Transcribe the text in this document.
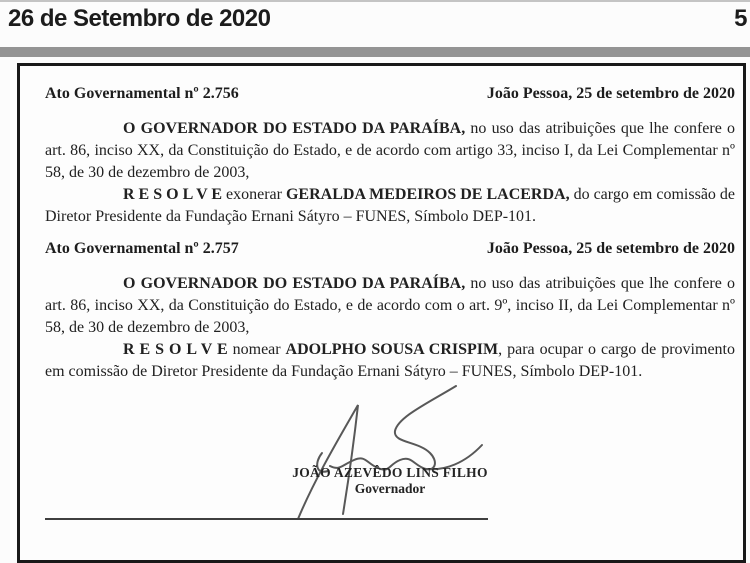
26 de Setembro de 2020	5
Ato Governamental nº 2.756	João Pessoa, 25 de setembro de 2020

O GOVERNADOR DO ESTADO DA PARAÍBA, no uso das atribuições que lhe confere o art. 86, inciso XX, da Constituição do Estado, e de acordo com artigo 33, inciso I, da Lei Complementar nº 58, de 30 de dezembro de 2003,

R E S O L V E exonerar GERALDA MEDEIROS DE LACERDA, do cargo em comissão de Diretor Presidente da Fundação Ernani Sátyro – FUNES, Símbolo DEP-101.

Ato Governamental nº 2.757	João Pessoa, 25 de setembro de 2020

O GOVERNADOR DO ESTADO DA PARAÍBA, no uso das atribuições que lhe confere o art. 86, inciso XX, da Constituição do Estado, e de acordo com o art. 9º, inciso II, da Lei Complementar nº 58, de 30 de dezembro de 2003,

R E S O L V E nomear ADOLPHO SOUSA CRISPIM, para ocupar o cargo de provimento em comissão de Diretor Presidente da Fundação Ernani Sátyro – FUNES, Símbolo DEP-101.

JOÃO AZEVÊDO LINS FILHO
Governador
